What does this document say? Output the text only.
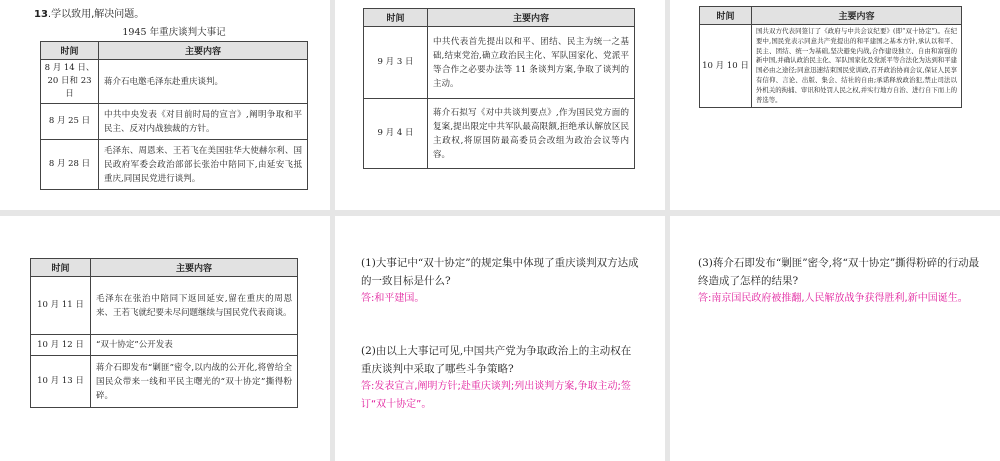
13.学以致用,解决问题。
1945 年重庆谈判大事记
时间	主要内容
8 月 14 日、20 日和 23 日	蒋介石电邀毛泽东赴重庆谈判。
8 月 25 日	中共中央发表《对目前时局的宣言》,阐明争取和平民主、反对内战独裁的方针。
8 月 28 日	毛泽东、周恩来、王若飞在美国驻华大使赫尔利、国民政府军委会政治部部长张治中陪同下,由延安飞抵重庆,同国民党进行谈判。
时间	主要内容
9 月 3 日	中共代表首先提出以和平、团结、民主为统一之基础,结束党治,确立政治民主化、军队国家化、党派平等合作之必要办法等 11 条谈判方案,争取了谈判的主动。
9 月 4 日	蒋介石拟写《对中共谈判要点》,作为国民党方面的复案,提出限定中共军队最高限额,拒绝承认解放区民主政权,将原国防最高委员会改组为政治会议等内容。
时间	主要内容
10 月 10 日	国共双方代表同签订了《政府与中共会议纪要》(即“双十协定”)。在纪要中,国民党表示同意共产党提出的和平建国之基本方针,承认以和平、民主、团结、统一为基础,坚决避免内战,合作建设独立、自由和富强的新中国,并确认政治民主化、军队国家化及党派平等合法化为达到和平建国必由之途径;同意迅速结束国民党训政,召开政治协商会议,保证人民享有信仰、言论、出版、集会、结社的自由;承诺释放政治犯,禁止司法以外机关的拘捕、审讯和处罚人民之权,并实行地方自治、进行自下而上的普选等。
时间	主要内容
10 月 11 日	毛泽东在张治中陪同下返回延安,留在重庆的周恩来、王若飞就纪要未尽问题继续与国民党代表商谈。
10 月 12 日	“双十协定”公开发表
10 月 13 日	蒋介石即发布“剿匪”密令,以内战的公开化,将曾给全国民众带来一线和平民主曙光的“双十协定”撕得粉碎。
(1)大事记中“双十协定”的规定集中体现了重庆谈判双方达成的一致目标是什么?
答:和平建国。
(2)由以上大事记可见,中国共产党为争取政治上的主动权在重庆谈判中采取了哪些斗争策略?
答:发表宣言,阐明方针;赴重庆谈判;列出谈判方案,争取主动;签订“双十协定”。
(3)蒋介石即发布“剿匪”密令,将“双十协定”撕得粉碎的行动最终造成了怎样的结果?
答:南京国民政府被推翻,人民解放战争获得胜利,新中国诞生。
